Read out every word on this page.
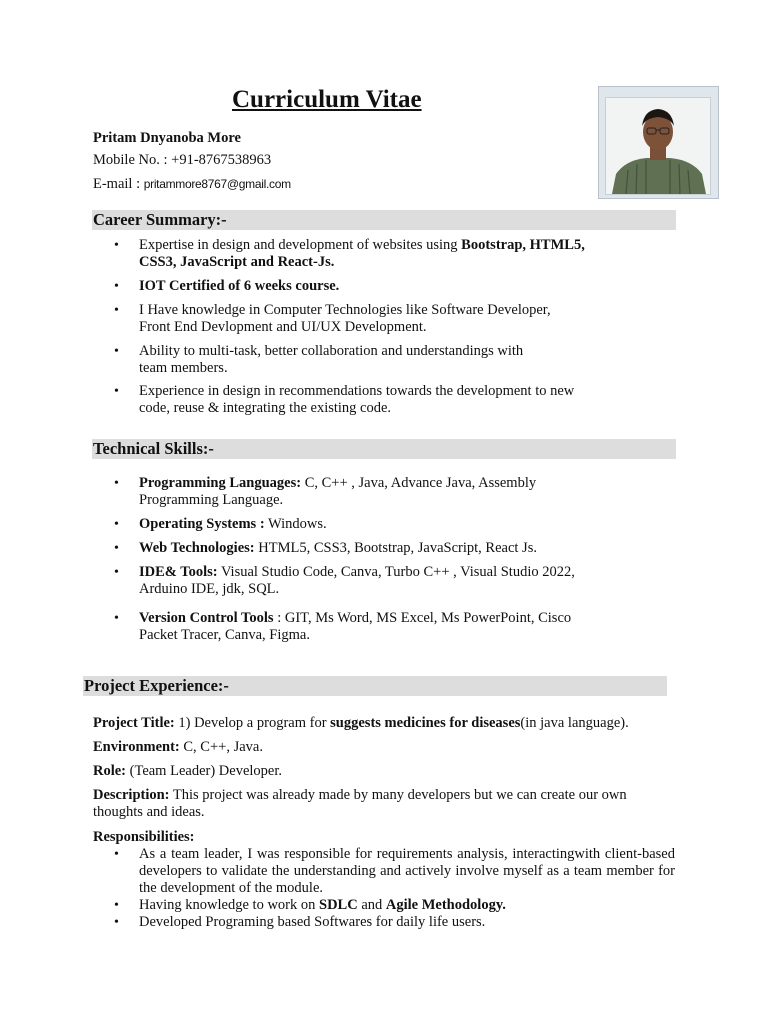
Curriculum Vitae
Pritam Dnyanoba More
Mobile No. : +91-8767538963
E-mail : pritammore8767@gmail.com
Career Summary:-
• Expertise in design and development of websites using Bootstrap, HTML5,
CSS3, JavaScript and React-Js.
• IOT Certified of 6 weeks course.
• I Have knowledge in Computer Technologies like Software Developer,
Front End Devlopment and UI/UX Development.
• Ability to multi-task, better collaboration and understandings with
team members.
• Experience in design in recommendations towards the development to new
code, reuse & integrating the existing code.
Technical Skills:-
• Programming Languages: C, C++ , Java, Advance Java, Assembly
Programming Language.
• Operating Systems : Windows.
• Web Technologies: HTML5, CSS3, Bootstrap, JavaScript, React Js.
• IDE& Tools: Visual Studio Code, Canva, Turbo C++ , Visual Studio 2022,
Arduino IDE, jdk, SQL.
• Version Control Tools : GIT, Ms Word, MS Excel, Ms PowerPoint, Cisco
Packet Tracer, Canva, Figma.
Project Experience:-
Project Title: 1) Develop a program for suggests medicines for diseases(in java language).
Environment: C, C++, Java.
Role: (Team Leader) Developer.
Description: This project was already made by many developers but we can create our own
thoughts and ideas.
Responsibilities:
• As a team leader, I was responsible for requirements analysis, interactingwith client-based developers to validate the understanding and actively involve myself as a team member for the development of the module.
• Having knowledge to work on SDLC and Agile Methodology.
• Developed Programing based Softwares for daily life users.
